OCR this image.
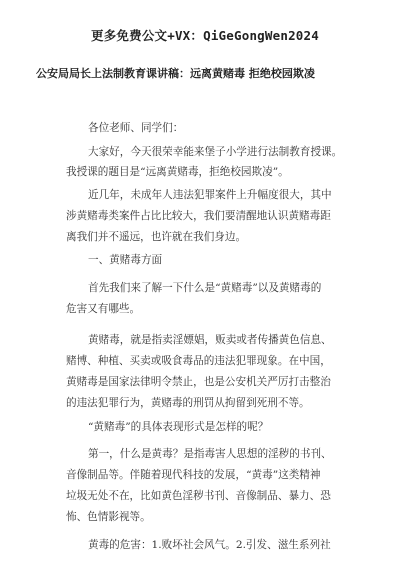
更多免费公文+VX：QiGeGongWen2024
公安局局长上法制教育课讲稿：远离黄赌毒 拒绝校园欺凌
各位老师、同学们：
大家好，今天很荣幸能来堡子小学进行法制教育授课。
我授课的题目是“远离黄赌毒，拒绝校园欺凌”。
近几年，未成年人违法犯罪案件上升幅度很大，其中
涉黄赌毒类案件占比比较大，我们要清醒地认识黄赌毒距
离我们并不遥远，也许就在我们身边。
一、黄赌毒方面
首先我们来了解一下什么是“黄赌毒”以及黄赌毒的
危害又有哪些。
黄赌毒，就是指卖淫嫖娼，贩卖或者传播黄色信息、
赌博、种植、买卖或吸食毒品的违法犯罪现象。在中国，
黄赌毒是国家法律明令禁止，也是公安机关严厉打击整治
的违法犯罪行为，黄赌毒的刑罚从拘留到死刑不等。
“黄赌毒”的具体表现形式是怎样的呢？
第一，什么是黄毒？是指毒害人思想的淫秽的书刊、
音像制品等。伴随着现代科技的发展，“黄毒”这类精神
垃圾无处不在，比如黄色淫秽书刊、音像制品、暴力、恐
怖、色情影视等。
黄毒的危害：1.败坏社会风气。2.引发、滋生系列社
